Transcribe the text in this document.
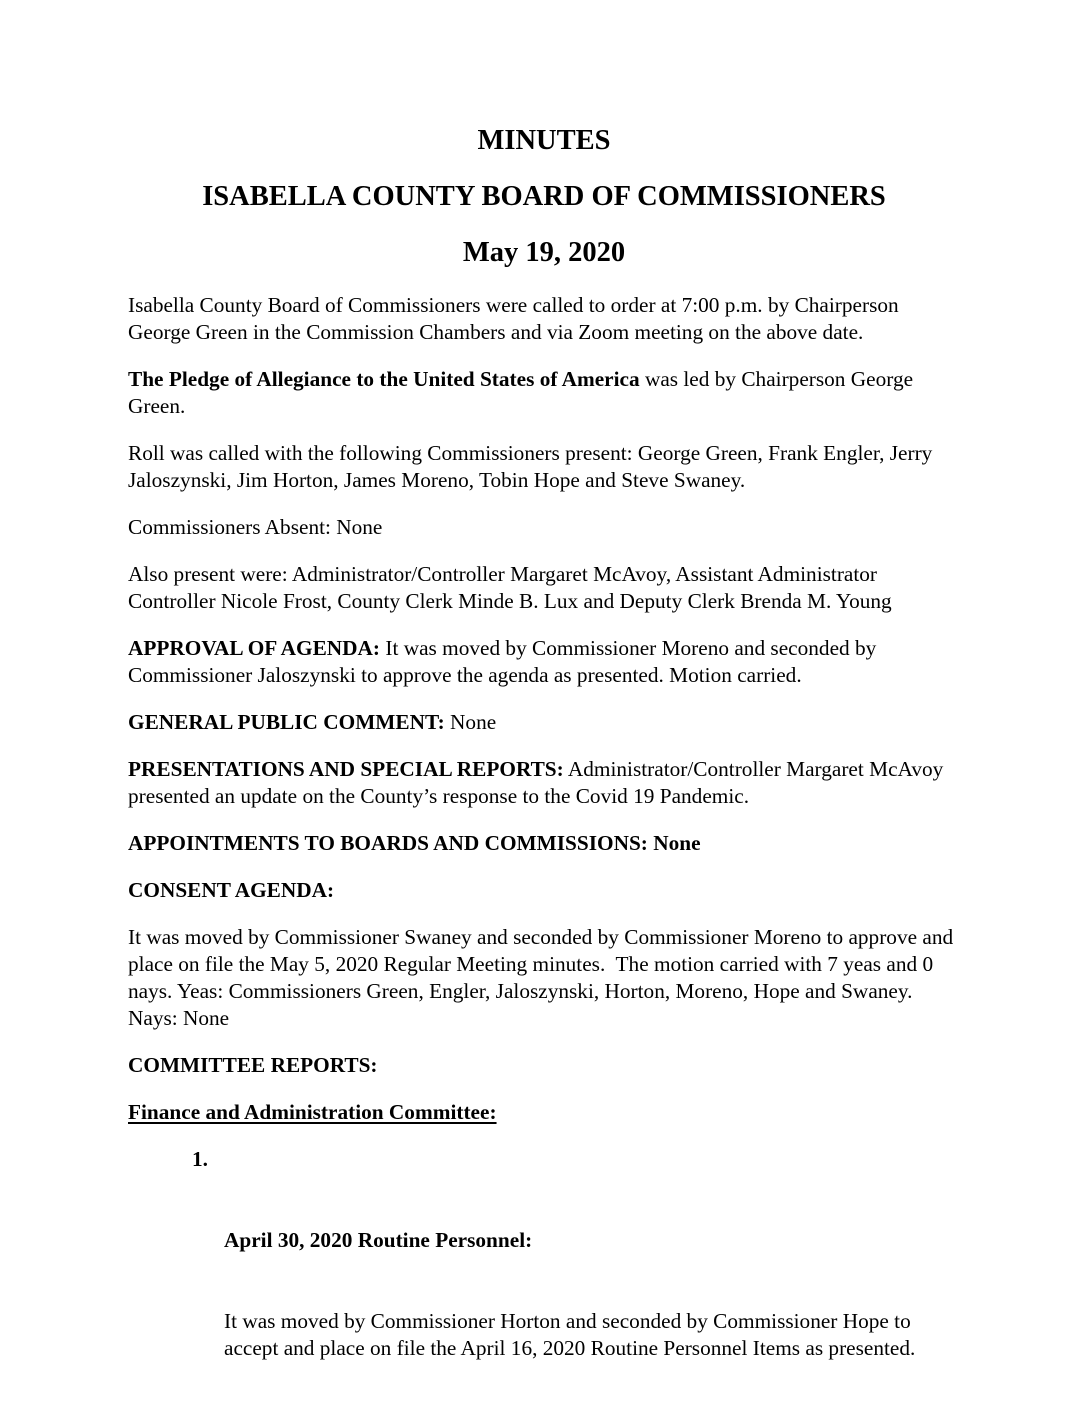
MINUTES
ISABELLA COUNTY BOARD OF COMMISSIONERS
May 19, 2020

Isabella County Board of Commissioners were called to order at 7:00 p.m. by Chairperson George Green in the Commission Chambers and via Zoom meeting on the above date.

The Pledge of Allegiance to the United States of America was led by Chairperson George Green.

Roll was called with the following Commissioners present: George Green, Frank Engler, Jerry Jaloszynski, Jim Horton, James Moreno, Tobin Hope and Steve Swaney.

Commissioners Absent: None

Also present were: Administrator/Controller Margaret McAvoy, Assistant Administrator Controller Nicole Frost, County Clerk Minde B. Lux and Deputy Clerk Brenda M. Young

APPROVAL OF AGENDA: It was moved by Commissioner Moreno and seconded by Commissioner Jaloszynski to approve the agenda as presented. Motion carried.

GENERAL PUBLIC COMMENT: None

PRESENTATIONS AND SPECIAL REPORTS: Administrator/Controller Margaret McAvoy presented an update on the County’s response to the Covid 19 Pandemic.

APPOINTMENTS TO BOARDS AND COMMISSIONS: None

CONSENT AGENDA:

It was moved by Commissioner Swaney and seconded by Commissioner Moreno to approve and place on file the May 5, 2020 Regular Meeting minutes.  The motion carried with 7 yeas and 0 nays. Yeas: Commissioners Green, Engler, Jaloszynski, Horton, Moreno, Hope and Swaney. Nays: None

COMMITTEE REPORTS:

Finance and Administration Committee:

1.

April 30, 2020 Routine Personnel:

It was moved by Commissioner Horton and seconded by Commissioner Hope to accept and place on file the April 16, 2020 Routine Personnel Items as presented.
